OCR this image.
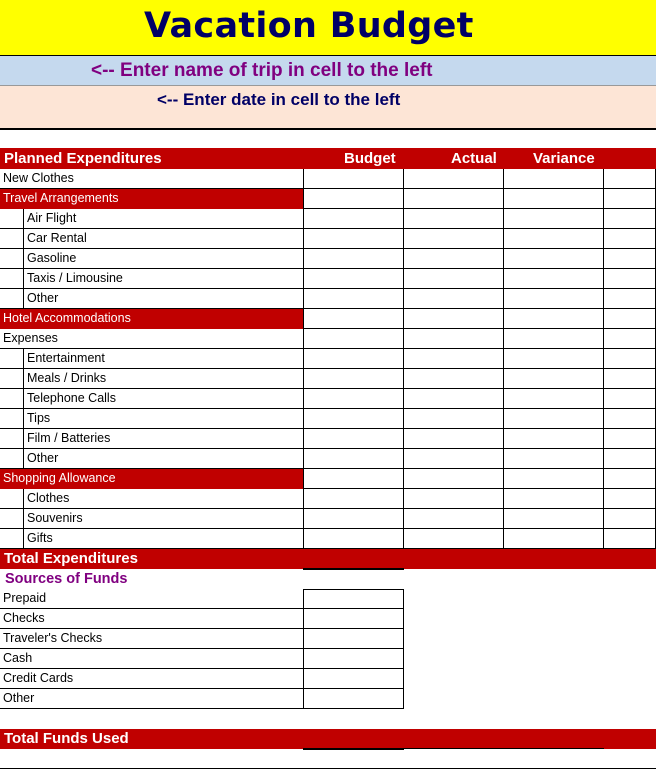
Vacation Budget
<-- Enter name of trip in cell to the left
<-- Enter date in cell to the left
Planned Expenditures	Budget	Actual Variance
New Clothes
Travel Arrangements
Air Flight
Car Rental
Gasoline
Taxis / Limousine
Other
Hotel Accommodations
Expenses
Entertainment
Meals / Drinks
Telephone Calls
Tips
Film / Batteries
Other
Shopping Allowance
Clothes
Souvenirs
Gifts
Total Expenditures
Sources of Funds
Prepaid
Checks
Traveler's Checks
Cash
Credit Cards
Other
Total Funds Used
